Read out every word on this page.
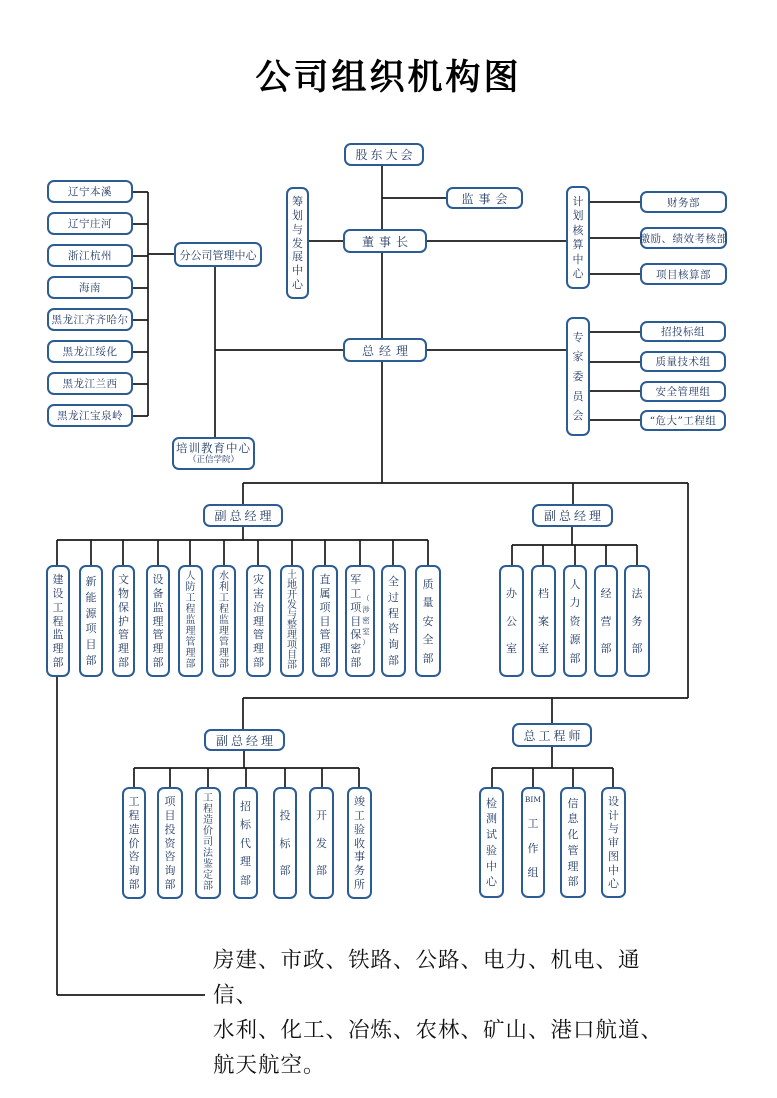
公司组织机构图
股东大会
监事会
董事长
总经理
辽宁本溪
辽宁庄河
浙江杭州
海南
黑龙江齐齐哈尔
黑龙江绥化
黑龙江兰西
黑龙江宝泉岭
分公司管理中心
筹
划
与
发
展
中
心
计
划
核
算
中
心
财务部
激励、绩效考核部
项目核算部
专
家
委
员
会
招投标组
质量技术组
安全管理组
“危大”工程组
培训教育中心
（正信学院）
副总经理	副总经理
副总经理	总工程师
建
设
工
程
监
理
部
新
能
源
项
目
部
文
物
保
护
管
理
部
设
备
监
理
管
理
部
人
防
工
程
监
理
管
理
部
水
利
工
程
监
理
管
理
部
灾
害
治
理
管
理
部
土
地
开
发
与
整
理
项
目
部
直
属
项
目
管
理
部
军
工
项
目
保
密
部
（
涉
密
室
）
全
过
程
咨
询
部
质
量
安
全
部
办
公
室
档
案
室
人
力
资
源
部
经
营
部
法
务
部
工
程
造
价
咨
询
部
项
目
投
资
咨
询
部
工
程
造
价
司
法
鉴
定
部
招
标
代
理
部
投
标
部
开
发
部
竣
工
验
收
事
务
所
检
测
试
验
中
心
BIM
工
作
组
信
息
化
管
理
部
设
计
与
审
图
中
心
房建、市政、铁路、公路、电力、机电、通信、
水利、化工、冶炼、农林、矿山、港口航道、
航天航空。
